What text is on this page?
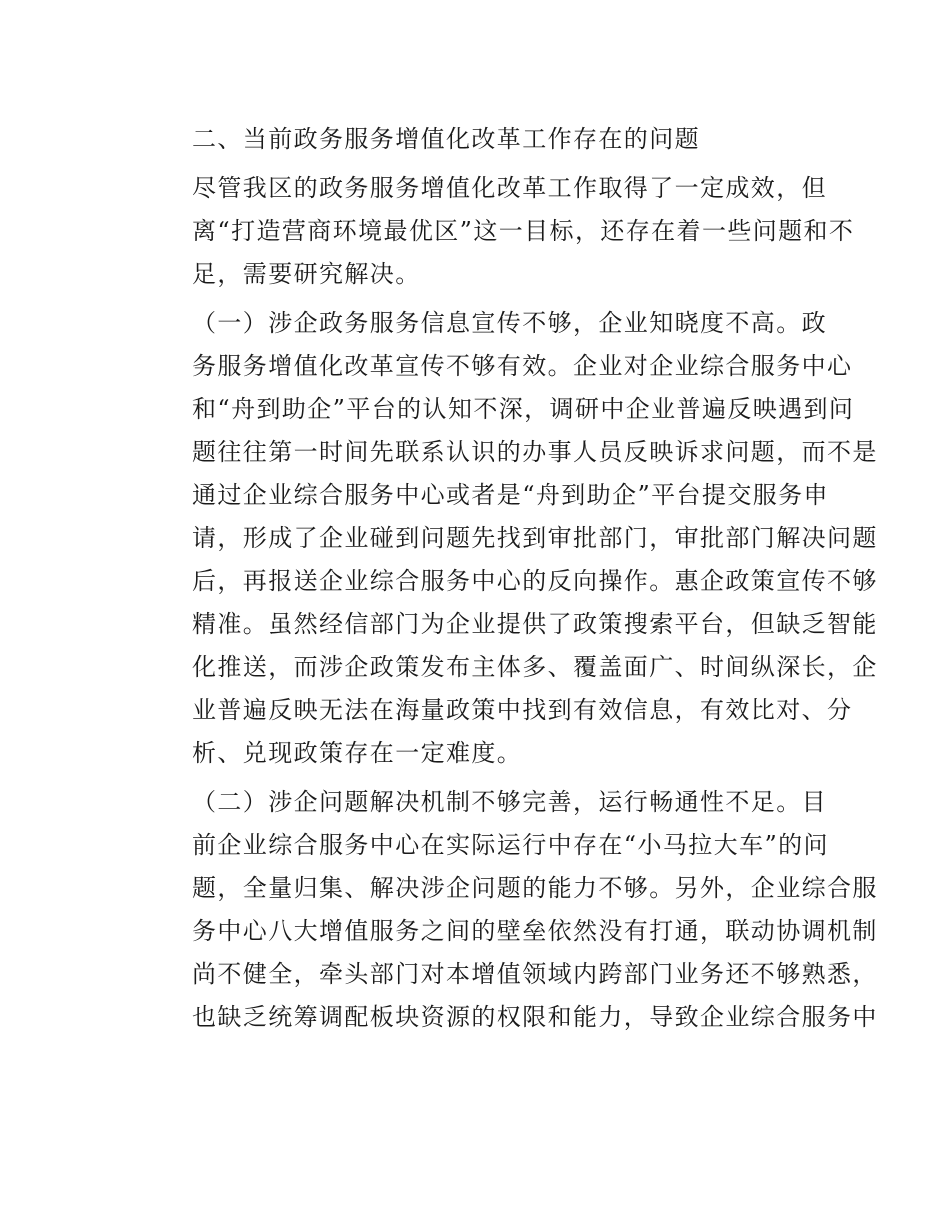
二、当前政务服务增值化改革工作存在的问题
尽管我区的政务服务增值化改革工作取得了一定成效，但
离“打造营商环境最优区”这一目标，还存在着一些问题和不
足，需要研究解决。
（一）涉企政务服务信息宣传不够，企业知晓度不高。政
务服务增值化改革宣传不够有效。企业对企业综合服务中心
和“舟到助企”平台的认知不深，调研中企业普遍反映遇到问
题往往第一时间先联系认识的办事人员反映诉求问题，而不是
通过企业综合服务中心或者是“舟到助企”平台提交服务申
请，形成了企业碰到问题先找到审批部门，审批部门解决问题
后，再报送企业综合服务中心的反向操作。惠企政策宣传不够
精准。虽然经信部门为企业提供了政策搜索平台，但缺乏智能
化推送，而涉企政策发布主体多、覆盖面广、时间纵深长，企
业普遍反映无法在海量政策中找到有效信息，有效比对、分
析、兑现政策存在一定难度。
（二）涉企问题解决机制不够完善，运行畅通性不足。目
前企业综合服务中心在实际运行中存在“小马拉大车”的问
题，全量归集、解决涉企问题的能力不够。另外，企业综合服
务中心八大增值服务之间的壁垒依然没有打通，联动协调机制
尚不健全，牵头部门对本增值领域内跨部门业务还不够熟悉，
也缺乏统筹调配板块资源的权限和能力，导致企业综合服务中
